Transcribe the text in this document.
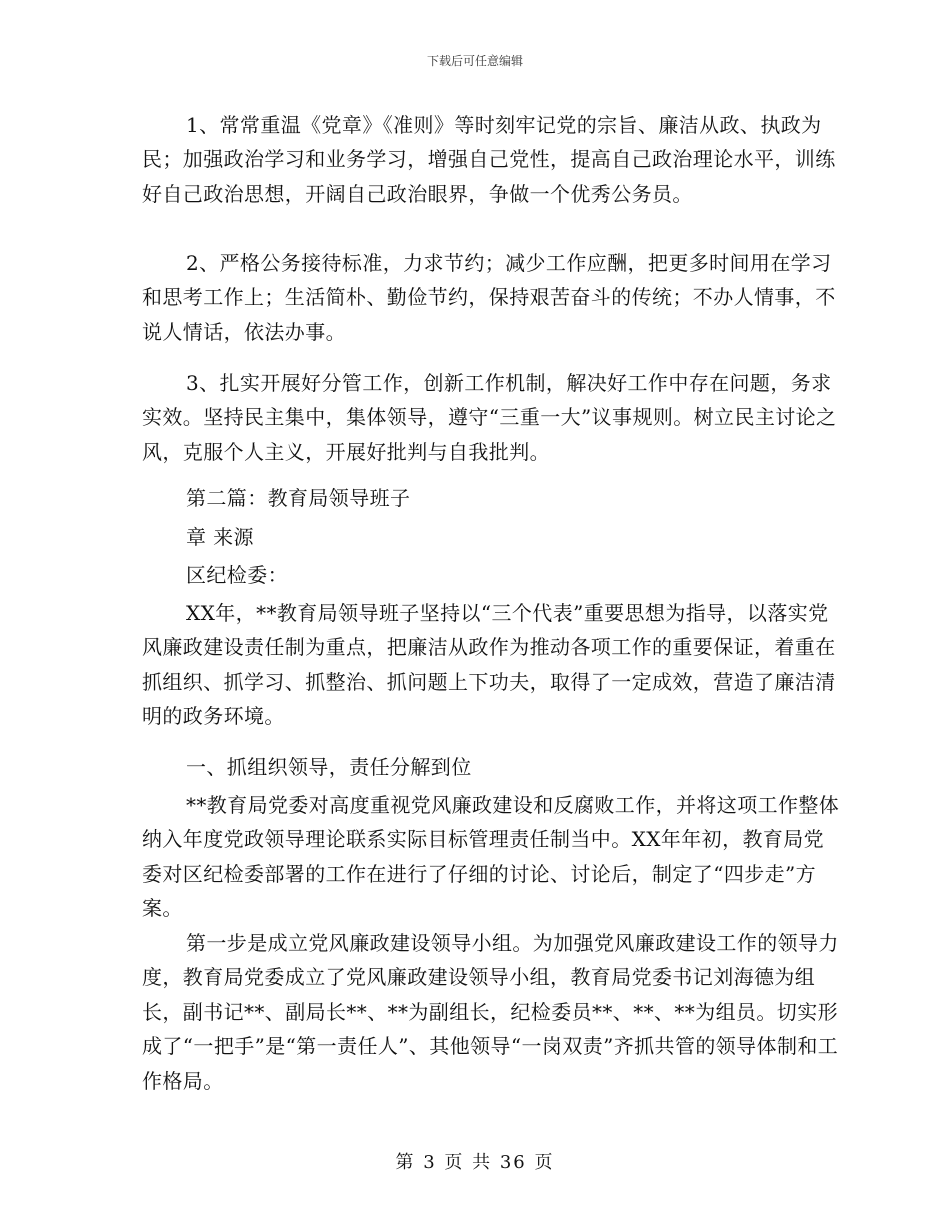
下载后可任意编辑

1、常常重温《党章》《准则》等时刻牢记党的宗旨、廉洁从政、执政为民；加强政治学习和业务学习，增强自己党性，提高自己政治理论水平，训练好自己政治思想，开阔自己政治眼界，争做一个优秀公务员。

2、严格公务接待标准，力求节约；减少工作应酬，把更多时间用在学习和思考工作上；生活简朴、勤俭节约，保持艰苦奋斗的传统；不办人情事，不说人情话，依法办事。

3、扎实开展好分管工作，创新工作机制，解决好工作中存在问题，务求实效。坚持民主集中，集体领导，遵守“三重一大”议事规则。树立民主讨论之风，克服个人主义，开展好批判与自我批判。

第二篇：教育局领导班子

章 来源

区纪检委：

XX年，**教育局领导班子坚持以“三个代表”重要思想为指导，以落实党风廉政建设责任制为重点，把廉洁从政作为推动各项工作的重要保证，着重在抓组织、抓学习、抓整治、抓问题上下功夫，取得了一定成效，营造了廉洁清明的政务环境。

一、抓组织领导，责任分解到位

**教育局党委对高度重视党风廉政建设和反腐败工作，并将这项工作整体纳入年度党政领导理论联系实际目标管理责任制当中。XX年年初，教育局党委对区纪检委部署的工作在进行了仔细的讨论、讨论后，制定了“四步走”方案。

第一步是成立党风廉政建设领导小组。为加强党风廉政建设工作的领导力度，教育局党委成立了党风廉政建设领导小组，教育局党委书记刘海德为组长，副书记**、副局长**、**为副组长，纪检委员**、**、**为组员。切实形成了“一把手”是“第一责任人”、其他领导“一岗双责”齐抓共管的领导体制和工作格局。

第 3 页 共 36 页
